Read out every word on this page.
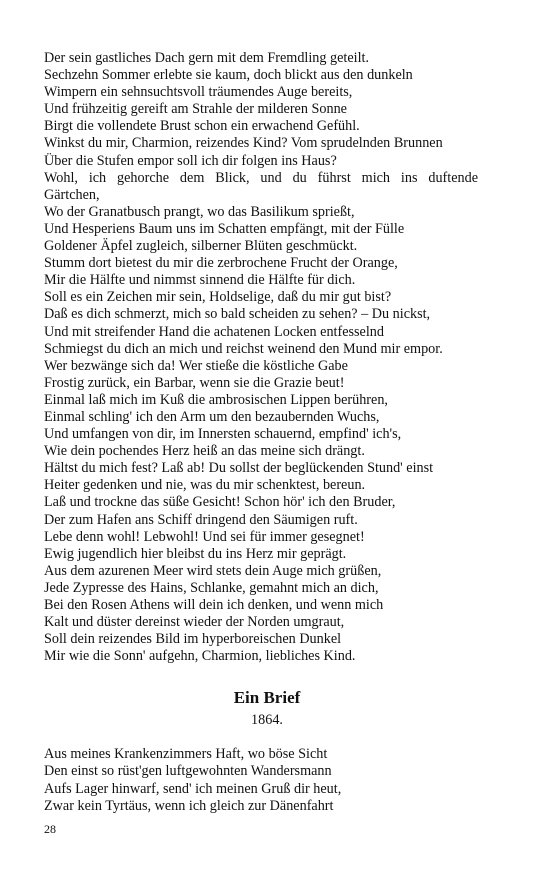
Der sein gastliches Dach gern mit dem Fremdling geteilt.
Sechzehn Sommer erlebte sie kaum, doch blickt aus den dunkeln
Wimpern ein sehnsuchtsvoll träumendes Auge bereits,
Und frühzeitig gereift am Strahle der milderen Sonne
Birgt die vollendete Brust schon ein erwachend Gefühl.
Winkst du mir, Charmion, reizendes Kind? Vom sprudelnden Brunnen
Über die Stufen empor soll ich dir folgen ins Haus?
Wohl, ich gehorche dem Blick, und du führst mich ins duftende
Gärtchen,
Wo der Granatbusch prangt, wo das Basilikum sprießt,
Und Hesperiens Baum uns im Schatten empfängt, mit der Fülle
Goldener Äpfel zugleich, silberner Blüten geschmückt.
Stumm dort bietest du mir die zerbrochene Frucht der Orange,
Mir die Hälfte und nimmst sinnend die Hälfte für dich.
Soll es ein Zeichen mir sein, Holdselige, daß du mir gut bist?
Daß es dich schmerzt, mich so bald scheiden zu sehen? – Du nickst,
Und mit streifender Hand die achatenen Locken entfesselnd
Schmiegst du dich an mich und reichst weinend den Mund mir empor.
Wer bezwänge sich da! Wer stieße die köstliche Gabe
Frostig zurück, ein Barbar, wenn sie die Grazie beut!
Einmal laß mich im Kuß die ambrosischen Lippen berühren,
Einmal schling' ich den Arm um den bezaubernden Wuchs,
Und umfangen von dir, im Innersten schauernd, empfind' ich's,
Wie dein pochendes Herz heiß an das meine sich drängt.
Hältst du mich fest? Laß ab! Du sollst der beglückenden Stund' einst
Heiter gedenken und nie, was du mir schenktest, bereun.
Laß und trockne das süße Gesicht! Schon hör' ich den Bruder,
Der zum Hafen ans Schiff dringend den Säumigen ruft.
Lebe denn wohl! Lebwohl! Und sei für immer gesegnet!
Ewig jugendlich hier bleibst du ins Herz mir geprägt.
Aus dem azurenen Meer wird stets dein Auge mich grüßen,
Jede Zypresse des Hains, Schlanke, gemahnt mich an dich,
Bei den Rosen Athens will dein ich denken, und wenn mich
Kalt und düster dereinst wieder der Norden umgraut,
Soll dein reizendes Bild im hyperboreischen Dunkel
Mir wie die Sonn' aufgehn, Charmion, liebliches Kind.
Ein Brief
1864.
Aus meines Krankenzimmers Haft, wo böse Sicht
Den einst so rüst'gen luftgewohnten Wandersmann
Aufs Lager hinwarf, send' ich meinen Gruß dir heut,
Zwar kein Tyrtäus, wenn ich gleich zur Dänenfahrt
28
